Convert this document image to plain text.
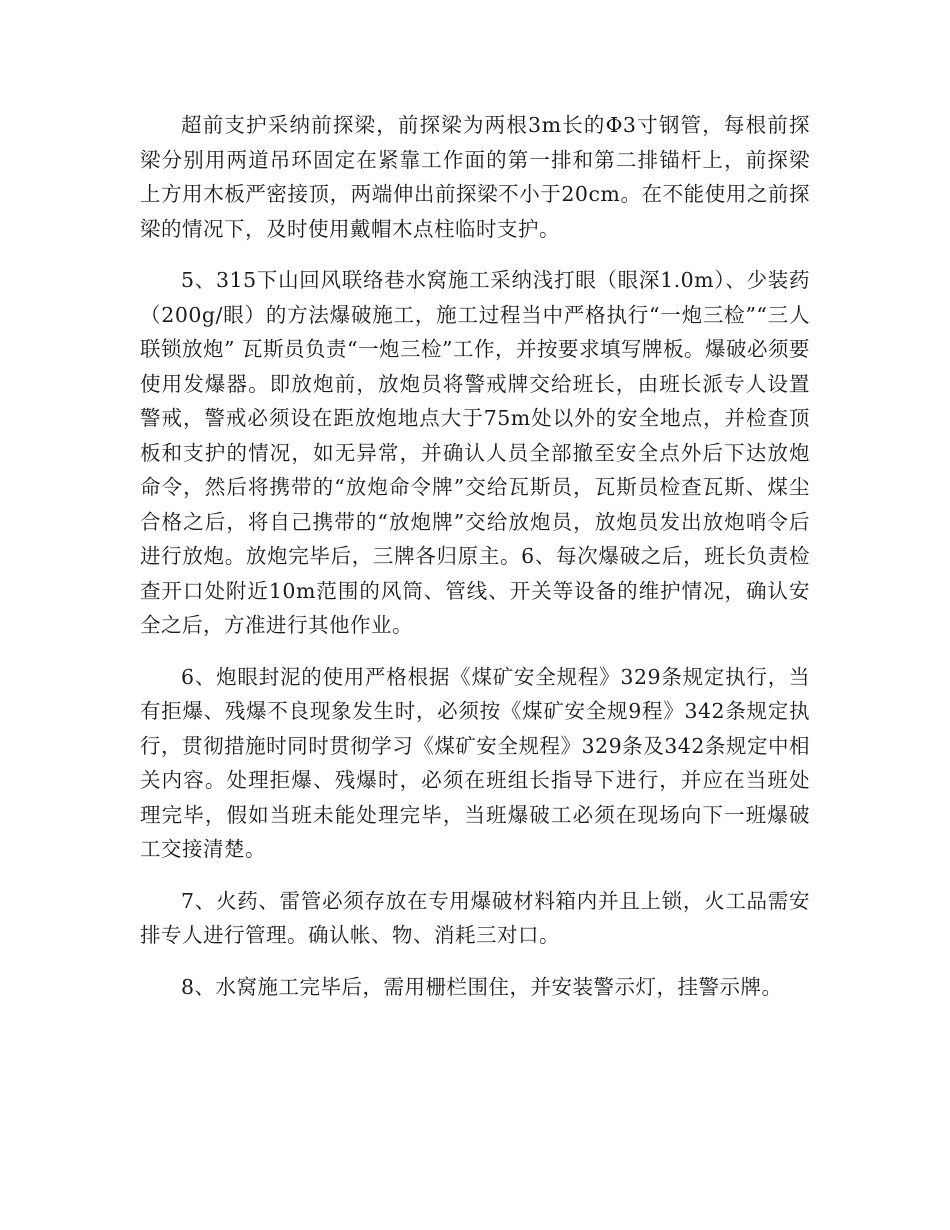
超前支护采纳前探梁，前探梁为两根3m长的Φ3寸钢管，每根前探梁分别用两道吊环固定在紧靠工作面的第一排和第二排锚杆上，前探梁上方用木板严密接顶，两端伸出前探梁不小于20cm。在不能使用之前探梁的情况下，及时使用戴帽木点柱临时支护。

5、315下山回风联络巷水窝施工采纳浅打眼（眼深1.0m）、少装药（200g/眼）的方法爆破施工，施工过程当中严格执行“一炮三检”“三人联锁放炮” 瓦斯员负责“一炮三检”工作，并按要求填写牌板。爆破必须要使用发爆器。即放炮前，放炮员将警戒牌交给班长，由班长派专人设置警戒，警戒必须设在距放炮地点大于75m处以外的安全地点，并检查顶板和支护的情况，如无异常，并确认人员全部撤至安全点外后下达放炮命令，然后将携带的“放炮命令牌”交给瓦斯员，瓦斯员检查瓦斯、煤尘合格之后，将自己携带的“放炮牌”交给放炮员，放炮员发出放炮哨令后进行放炮。放炮完毕后，三牌各归原主。6、每次爆破之后，班长负责检查开口处附近10m范围的风筒、管线、开关等设备的维护情况，确认安全之后，方准进行其他作业。

6、炮眼封泥的使用严格根据《煤矿安全规程》329条规定执行，当有拒爆、残爆不良现象发生时，必须按《煤矿安全规9程》342条规定执行，贯彻措施时同时贯彻学习《煤矿安全规程》329条及342条规定中相关内容。处理拒爆、残爆时，必须在班组长指导下进行，并应在当班处理完毕，假如当班未能处理完毕，当班爆破工必须在现场向下一班爆破工交接清楚。

7、火药、雷管必须存放在专用爆破材料箱内并且上锁，火工品需安排专人进行管理。确认帐、物、消耗三对口。

8、水窝施工完毕后，需用栅栏围住，并安装警示灯，挂警示牌。
